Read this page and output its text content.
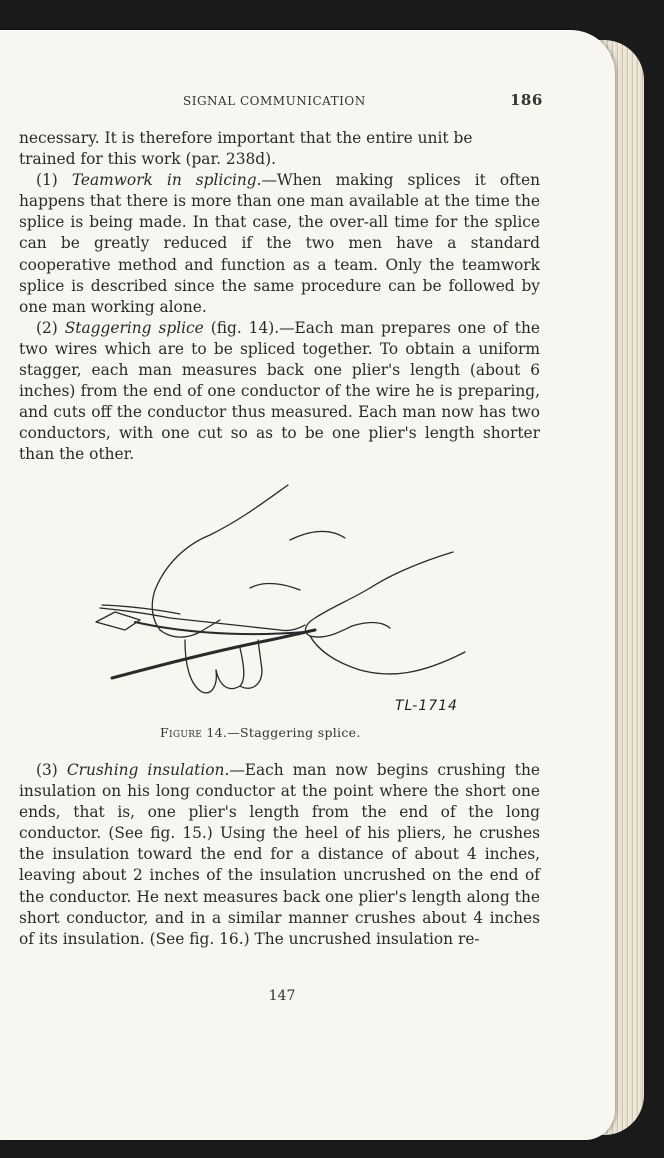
SIGNAL COMMUNICATION	186

necessary. It is therefore important that the entire unit be

trained for this work (par. 238d).

(1) Teamwork in splicing.—When making splices it often happens that there is more than one man available at the time the splice is being made. In that case, the over-all time for the splice can be greatly reduced if the two men have a standard cooperative method and function as a team. Only the teamwork splice is described since the same procedure can be followed by one man working alone.

(2) Staggering splice (fig. 14).—Each man prepares one of the two wires which are to be spliced together. To obtain a uniform stagger, each man measures back one plier's length (about 6 inches) from the end of one conductor of the wire he is preparing, and cuts off the conductor thus measured. Each man now has two conductors, with one cut so as to be one plier's length shorter than the other.

TL-1714
Figure 14.—Staggering splice.

(3) Crushing insulation.—Each man now begins crushing the insulation on his long conductor at the point where the short one ends, that is, one plier's length from the end of the long conductor. (See fig. 15.) Using the heel of his pliers, he crushes the insulation toward the end for a distance of about 4 inches, leaving about 2 inches of the insulation uncrushed on the end of the conductor. He next measures back one plier's length along the short conductor, and in a similar manner crushes about 4 inches of its insulation. (See fig. 16.) The uncrushed insulation re-

147
